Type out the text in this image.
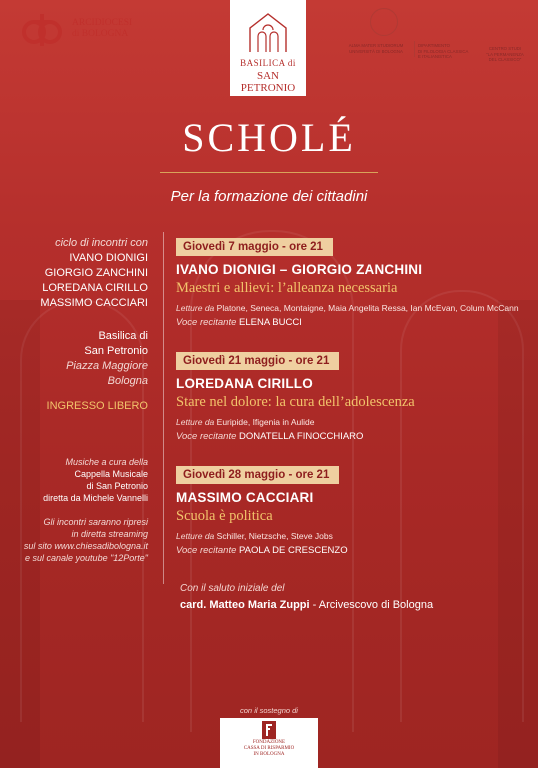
ARCIDIOCESI
di BOLOGNA
BASILICA di
SAN PETRONIO
ALMA MATER STUDIORUM
UNIVERSITÀ DI BOLOGNA
DIPARTIMENTO
DI FILOLOGIA CLASSICA
E ITALIANISTICA
CENTRO STUDI
"LA PERMANENZA DEL CLASSICO"
SCHOLÉ
Per la formazione dei cittadini
ciclo di incontri con
IVANO DIONIGI
GIORGIO ZANCHINI
LOREDANA CIRILLO
MASSIMO CACCIARI
Basilica di
San Petronio
Piazza Maggiore
Bologna
INGRESSO LIBERO
Musiche a cura della
Cappella Musicale
di San Petronio
diretta da Michele Vannelli
Gli incontri saranno ripresi
in diretta streaming
sul sito www.chiesadibologna.it
e sul canale youtube "12Porte"
Giovedì 7 maggio - ore 21
IVANO DIONIGI – GIORGIO ZANCHINI
Maestri e allievi: l’alleanza necessaria
Letture da Platone, Seneca, Montaigne, Maia Angelita Ressa, Ian McEvan, Colum McCann
Voce recitante ELENA BUCCI
Giovedì 21 maggio - ore 21
LOREDANA CIRILLO
Stare nel dolore: la cura dell’adolescenza
Letture da Euripide, Ifigenia in Aulide
Voce recitante DONATELLA FINOCCHIARO
Giovedì 28 maggio - ore 21
MASSIMO CACCIARI
Scuola è politica
Letture da Schiller, Nietzsche, Steve Jobs
Voce recitante PAOLA DE CRESCENZO
Con il saluto iniziale del
card. Matteo Maria Zuppi - Arcivescovo di Bologna
con il sostegno di
FONDAZIONE
CASSA DI RISPARMIO
IN BOLOGNA
